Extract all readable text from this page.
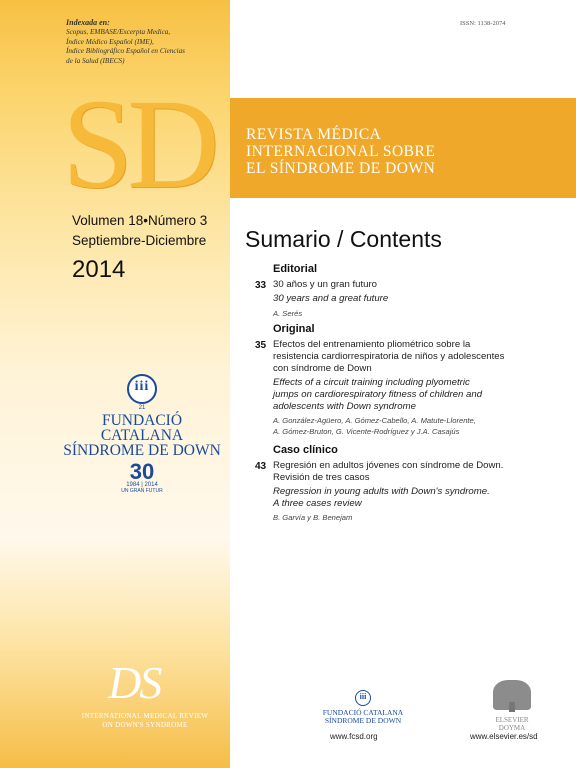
Indexada en:
Scopus, EMBASE/Excerpta Medica,
Índice Médico Español (IME),
Índice Bibliográfico Español en Ciencias
de la Salud (IBECS)
ISSN: 1138-2074
REVISTA MÉDICA
INTERNACIONAL SOBRE
EL SÍNDROME DE DOWN
SD
Volumen 18•Número 3
Septiembre-Diciembre
2014
iii
21
FUNDACIÓ CATALANA
SÍNDROME DE DOWN
30
1984 | 2014
UN GRAN FUTUR
DS
INTERNATIONAL MEDICAL REVIEW
ON DOWN'S SYNDROME
Sumario / Contents
Editorial
33 30 años y un gran futuro
30 years and a great future
A. Serés
Original
35 Efectos del entrenamiento pliométrico sobre la
resistencia cardiorrespiratoria de niños y adolescentes
con síndrome de Down
Effects of a circuit training including plyometric
jumps on cardiorespiratory fitness of children and
adolescents with Down syndrome
A. González-Agüero, A. Gómez-Cabello, A. Matute-Llorente,
A. Gómez-Bruton, G. Vicente-Rodríguez y J.A. Casajús
Caso clínico
43 Regresión en adultos jóvenes con síndrome de Down.
Revisión de tres casos
Regression in young adults with Down's syndrome.
A three cases review
B. Garvía y B. Benejam
iii
FUNDACIÓ CATALANA
SÍNDROME DE DOWN
www.fcsd.org
ELSEVIER
DOYMA
www.elsevier.es/sd
